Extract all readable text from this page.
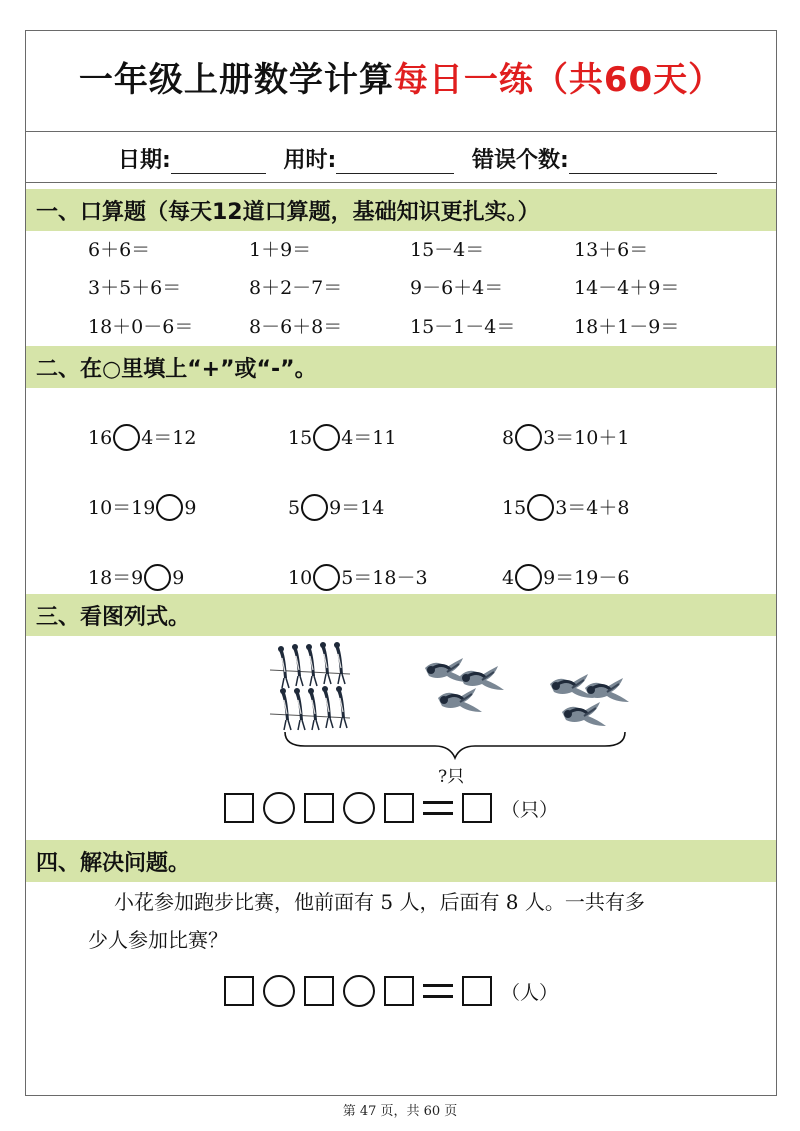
一年级上册数学计算每日一练（共60天）
日期:	用时:	错误个数:
一、口算题（每天12道口算题，基础知识更扎实。）
6＋6＝	1＋9＝	15－4＝	13＋6＝
3＋5＋6＝	8＋2－7＝	9－6＋4＝	14－4＋9＝
18＋0－6＝	8－6＋8＝	15－1－4＝	18＋1－9＝
二、在○里填上“+”或“-”。
16 4＝12	15 4＝11	8 3＝10＋1
10＝19 9	5 9＝14	15 3＝4＋8
18＝9 9	10 5＝18－3	4 9＝19－6
三、看图列式。
?只
（只）
四、解决问题。
小花参加跑步比赛，他前面有 5 人，后面有 8 人。一共有多
少人参加比赛？
（人）
第 47 页，共 60 页
